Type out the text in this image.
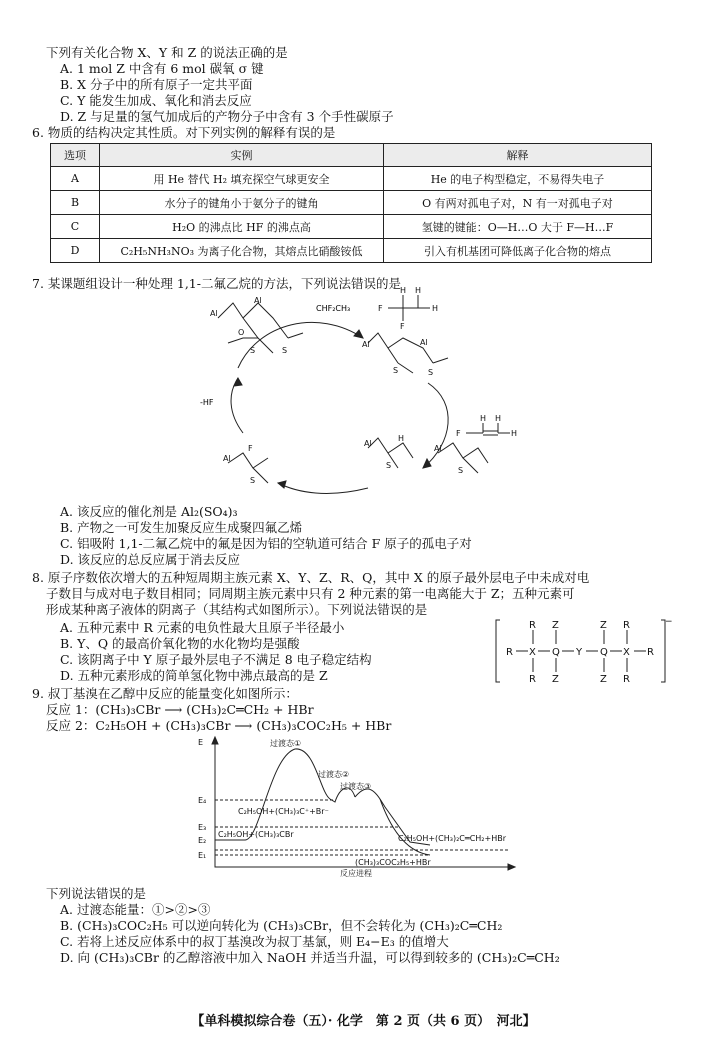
下列有关化合物 X、Y 和 Z 的说法正确的是
A. 1 mol Z 中含有 6 mol 碳氧 σ 键
B. X 分子中的所有原子一定共平面
C. Y 能发生加成、氧化和消去反应
D. Z 与足量的氢气加成后的产物分子中含有 3 个手性碳原子
6. 物质的结构决定其性质。对下列实例的解释有误的是
选项	实例	解释
A	用 He 替代 H₂ 填充探空气球更安全	He 的电子构型稳定，不易得失电子
B	水分子的键角小于氨分子的键角	O 有两对孤电子对，N 有一对孤电子对
C	H₂O 的沸点比 HF 的沸点高	氢键的键能：O—H…O 大于 F—H…F
D	C₂H₅NH₃NO₃ 为离子化合物，其熔点比硝酸铵低	引入有机基团可降低离子化合物的熔点
7. 某课题组设计一种处理 1,1-二氟乙烷的方法，下列说法错误的是
Al
Al
S	S
O
Al	Al
S	S
F
H H
F
H
F
H H
H
Al
S
Al
H
S
Al
F
S
CHF₂CH₃
-HF
A. 该反应的催化剂是 Al₂(SO₄)₃
B. 产物之一可发生加聚反应生成聚四氟乙烯
C. 铝吸附 1,1-二氟乙烷中的氟是因为铝的空轨道可结合 F 原子的孤电子对
D. 该反应的总反应属于消去反应
8. 原子序数依次增大的五种短周期主族元素 X、Y、Z、R、Q，其中 X 的原子最外层电子中未成对电
子数目与成对电子数目相同；同周期主族元素中只有 2 种元素的第一电离能大于 Z；五种元素可
形成某种离子液体的阴离子（其结构式如图所示）。下列说法错误的是
A. 五种元素中 R 元素的电负性最大且原子半径最小
B. Y、Q 的最高价氧化物的水化物均是强酸
C. 该阴离子中 Y 原子最外层电子不满足 8 电子稳定结构
D. 五种元素形成的简单氢化物中沸点最高的是 Z
R Z	Z R
R X Q Y Q X R
R Z	Z R
−
9. 叔丁基溴在乙醇中反应的能量变化如图所示：
反应 1：(CH₃)₃CBr ⟶ (CH₃)₂C═CH₂ + HBr
反应 2：C₂H₅OH + (CH₃)₃CBr ⟶ (CH₃)₃COC₂H₅ + HBr
E
E₄
E₃
E₂
E₁
过渡态①
过渡态②
过渡态③
C₂H₅OH+(CH₃)₃C⁺+Br⁻
C₂H₅OH+(CH₃)₃CBr	C₂H₅OH+(CH₃)₂C═CH₂+HBr
(CH₃)₃COC₂H₅+HBr
反应进程
下列说法错误的是
A. 过渡态能量：①>②>③
B. (CH₃)₃COC₂H₅ 可以逆向转化为 (CH₃)₃CBr，但不会转化为 (CH₃)₂C═CH₂
C. 若将上述反应体系中的叔丁基溴改为叔丁基氯，则 E₄−E₃ 的值增大
D. 向 (CH₃)₃CBr 的乙醇溶液中加入 NaOH 并适当升温，可以得到较多的 (CH₃)₂C═CH₂
【单科模拟综合卷（五）· 化学　第 2 页（共 6 页）　河北】
